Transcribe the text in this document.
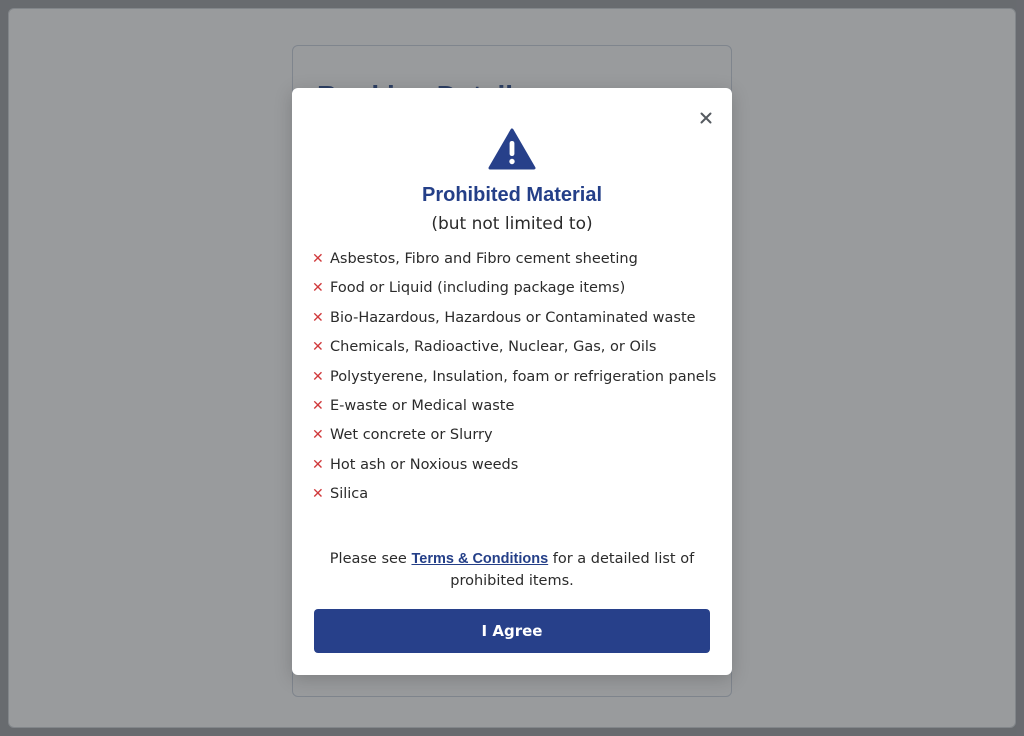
Prohibited Material
(but not limited to)
✕ Asbestos, Fibro and Fibro cement sheeting
✕ Food or Liquid (including package items)
✕ Bio-Hazardous, Hazardous or Contaminated waste
✕ Chemicals, Radioactive, Nuclear, Gas, or Oils
✕ Polystyerene, Insulation, foam or refrigeration panels
✕ E-waste or Medical waste
✕ Wet concrete or Slurry
✕ Hot ash or Noxious weeds
✕ Silica
Please see Terms & Conditions for a detailed list of prohibited items.
I Agree
